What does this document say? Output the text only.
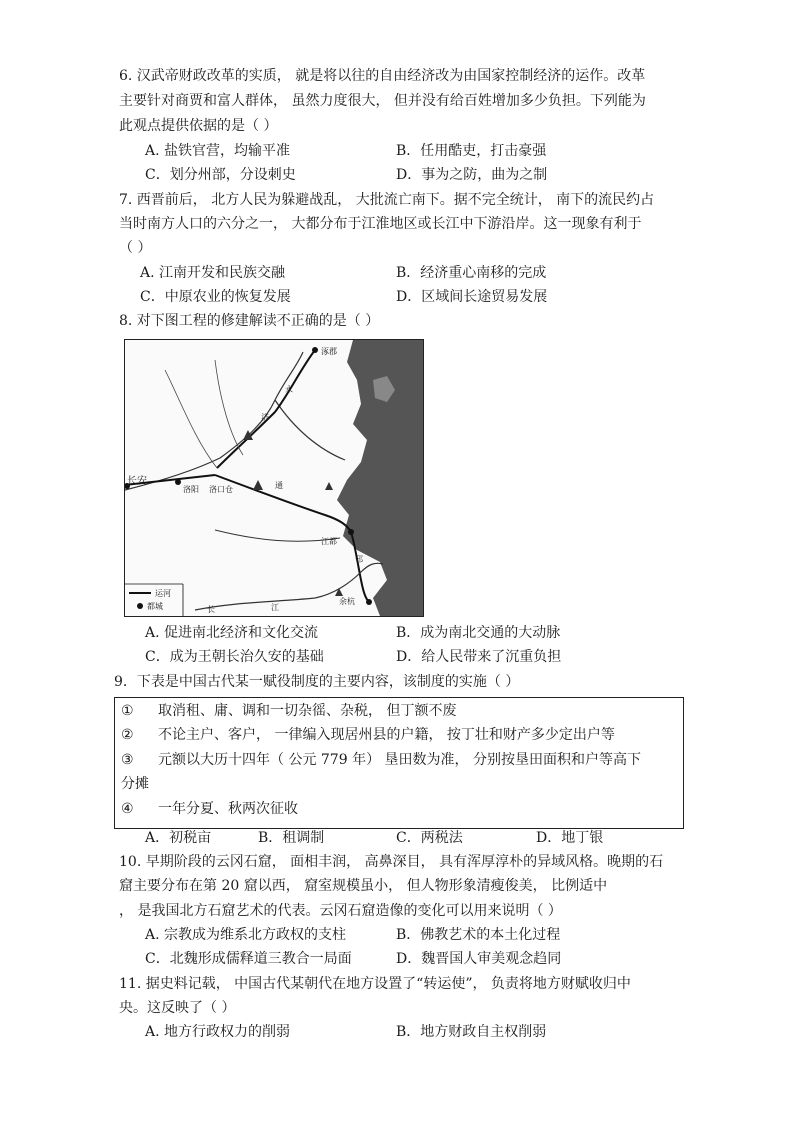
6. 汉武帝财政改革的实质， 就是将以往的自由经济改为由国家控制经济的运作。改革
主要针对商贾和富人群体， 虽然力度很大， 但并没有给百姓增加多少负担。下列能为
此观点提供依据的是（ ）
A. 盐铁官营，均输平准	B．任用酷吏，打击豪强
C．划分州部，分设刺史	D．事为之防，曲为之制
7. 西晋前后， 北方人民为躲避战乱， 大批流亡南下。据不完全统计， 南下的流民约占
当时南方人口的六分之一， 大都分布于江淮地区或长江中下游沿岸。这一现象有利于
（ ）
A. 江南开发和民族交融	B．经济重心南移的完成
C．中原农业的恢复发展	D．区域间长途贸易发展
8. 对下图工程的修建解读不正确的是（ ）
涿郡
长安
洛阳 洛口仓
江都
余杭
永
济
通
邗
江
长
运河
都城
A. 促进南北经济和文化交流	B．成为南北交通的大动脉
C．成为王朝长治久安的基础	D．给人民带来了沉重负担
9．下表是中国古代某一赋役制度的主要内容，该制度的实施（ ）
① 取消租、庸、调和一切杂徭、杂税， 但丁额不废
② 不论主户、客户， 一律编入现居州县的户籍， 按丁壮和财产多少定出户等
③ 元额以大历十四年（ 公元 779 年） 垦田数为准， 分别按垦田面积和户等高下
分摊
④ 一年分夏、秋两次征收
A．初税亩	B．租调制	C．两税法	D．地丁银
10. 早期阶段的云冈石窟， 面相丰润， 高鼻深目， 具有浑厚淳朴的异域风格。晚期的石
窟主要分布在第 20 窟以西， 窟室规模虽小， 但人物形象清瘦俊美， 比例适中
， 是我国北方石窟艺术的代表。云冈石窟造像的变化可以用来说明（ ）
A. 宗教成为维系北方政权的支柱	B．佛教艺术的本土化过程
C．北魏形成儒释道三教合一局面	D．魏晋国人审美观念趋同
11. 据史料记载， 中国古代某朝代在地方设置了“转运使”， 负责将地方财赋收归中
央。这反映了（ ）
A. 地方行政权力的削弱	B．地方财政自主权削弱
